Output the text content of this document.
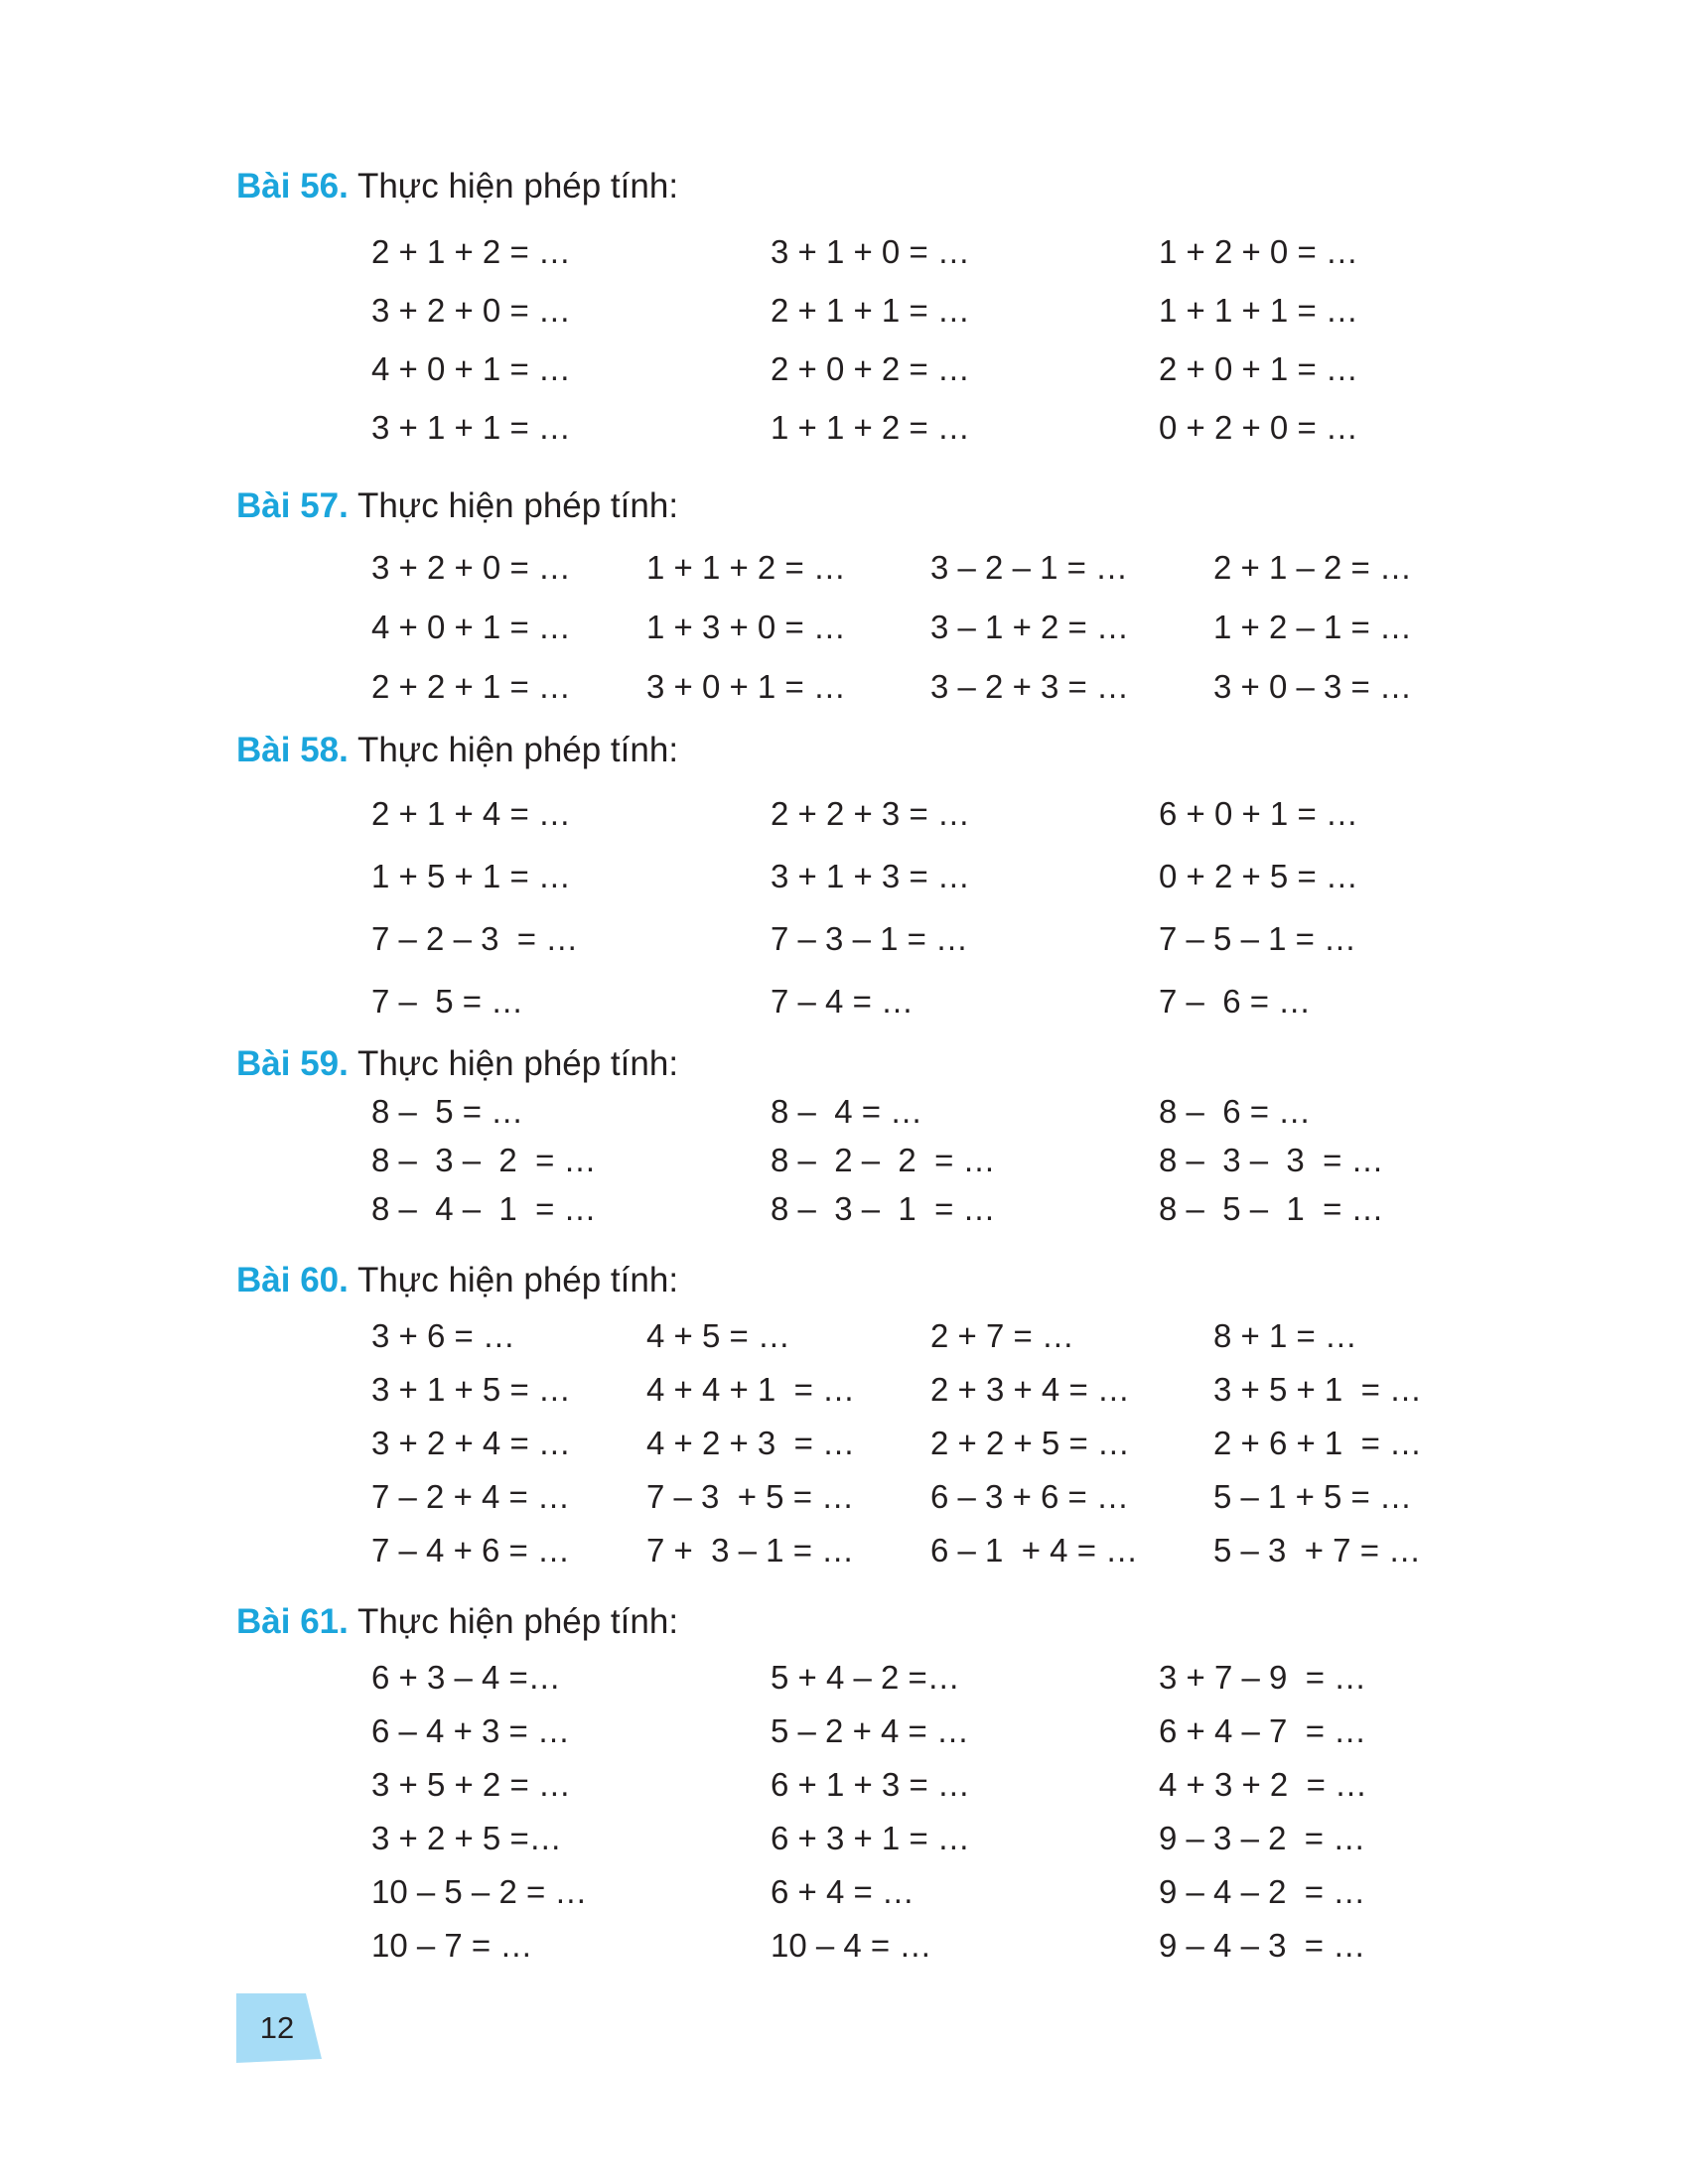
Bài 56. Thực hiện phép tính:
2 + 1 + 2 = …	3 + 1 + 0 = …	1 + 2 + 0 = …
3 + 2 + 0 = …	2 + 1 + 1 = …	1 + 1 + 1 = …
4 + 0 + 1 = …	2 + 0 + 2 = …	2 + 0 + 1 = …
3 + 1 + 1 = …	1 + 1 + 2 = …	0 + 2 + 0 = …
Bài 57. Thực hiện phép tính:
3 + 2 + 0 = … 1 + 1 + 2 = …	3 – 2 – 1 = …	2 + 1 – 2 = …
4 + 0 + 1 = … 1 + 3 + 0 = …	3 – 1 + 2 = …	1 + 2 – 1 = …
2 + 2 + 1 = … 3 + 0 + 1 = …	3 – 2 + 3 = …	3 + 0 – 3 = …
Bài 58. Thực hiện phép tính:
2 + 1 + 4 = …	2 + 2 + 3 = …	6 + 0 + 1 = …
1 + 5 + 1 = …	3 + 1 + 3 = …	0 + 2 + 5 = …
7 – 2 – 3  = …	7 – 3 – 1 = …	7 – 5 – 1 = …
7 –  5 = …	7 – 4 = …	7 –  6 = …
Bài 59. Thực hiện phép tính:
8 –  5 = …	8 –  4 = …	8 –  6 = …
8 –  3 –  2  = …	8 –  2 –  2  = …	8 –  3 –  3  = …
8 –  4 –  1  = …	8 –  3 –  1  = …	8 –  5 –  1  = …
Bài 60. Thực hiện phép tính:
3 + 6 = …	4 + 5 = …	2 + 7 = …	8 + 1 = …
3 + 1 + 5 = … 4 + 4 + 1  = … 2 + 3 + 4 = …	3 + 5 + 1  = …
3 + 2 + 4 = … 4 + 2 + 3  = … 2 + 2 + 5 = …	2 + 6 + 1  = …
7 – 2 + 4 = … 7 – 3  + 5 = … 6 – 3 + 6 = …	5 – 1 + 5 = …
7 – 4 + 6 = … 7 +  3 – 1 = … 6 – 1  + 4 = … 5 – 3  + 7 = …
Bài 61. Thực hiện phép tính:
6 + 3 – 4 =…	5 + 4 – 2 =…	3 + 7 – 9  = …
6 – 4 + 3 = …	5 – 2 + 4 = …	6 + 4 – 7  = …
3 + 5 + 2 = …	6 + 1 + 3 = …	4 + 3 + 2  = …
3 + 2 + 5 =…	6 + 3 + 1 = …	9 – 3 – 2  = …
10 – 5 – 2 = …	6 + 4 = …	9 – 4 – 2  = …
10 – 7 = …	10 – 4 = …	9 – 4 – 3  = …
12
